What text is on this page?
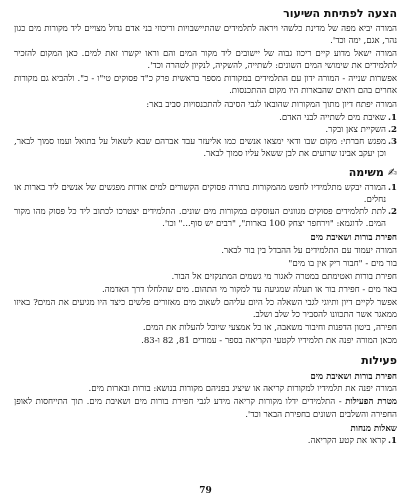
הצעה לפתיחת השיעור

המורה יביא מפה של מדינת כלשהי ויראה לתלמידים שהתיישבויות וריכוזי בני אדם גדול מצויים ליד מקורות מים כגון נהר, אגם, ימה וכד'.

המורה ישאל מדוע קיים ריכוז גבוה של יישובים ליד מקור המים והם וראו יקשרו זאת למים. כאן המקום להזכיר לתלמידים את שימושי המים השונים: לשתייה, להשקיה, לנקיון לטהרה וכד'.

אפשרות שנייה - המורה ידון עם התלמידים במקורות מספר בראשית פרק כ"ד פסוקים טי"ו - כ". ולהביא גם מקורות אחרים בהם רואים שהבארות היו מקום ההתכנסות.

המורה יפתח דיון מתוך המקורות שהובאו לגבי הסיבה להתכנסויות סביב באר:

1.
שאיבת מים לשתייה לבני האדם.
2.
השקיית צאן ובקר.
3.
מפגש חברתי: מקום שבו ודאי ימצאו אנשים כמו אליעזר עבד אברהם שבא לשאול על בתואל ועמו סמוך לבאר, וכן יעקב אבינו שרועים את לבן ששאל עליו סמוך לבאר.
✍משימה
1.
המורה יבקש מתלמידיו לחפש מהמקורות בתורה פסוקים הקשורים למים אודות מפגשים של אנשים ליד בארות או נחלים.
2.
לתת לתלמידים פסוקים מגוונים העוסקים במקורות מים שונים. התלמידים יצטרכו לכתוב ליד כל פסוק מהו מקור המים. לדוגמא: "וירחפר יצחק 100 בארות", "רבים יש סוף..." וכו'.
חפירת בורות ושאיבת מים

המורה יעמוד עם התלמידים על ההבדל בין בור לבאר.

בור מים - "חבור ריק אין בו מים"

חפירת בורות ואטימתם במטרה לאגור מי גשמים המתנקזים אל הבור.

באר מים - חפירת בור או תעלה שמגיעה עד למקור מי התהום. מים שהלחלו דרך האדמה.

אפשר לקיים דיון ותיוגי לגבי השאלה כל היום עליהם לשאוב מים מאזורים פלשים כיצד היו מגיעים את המים? באיזו ממאגר אשר התכוונו להסביר כל שלב ושלב.

חפירה, ביטון הדפנות וחיבור משאבה, או כל אמצעי שיוכל להעלות את המים.

מכאן המורה יפנה את תלמידיו לקטעי הקריאה בספר - עמודים 81, 82 ו-83.

פעילות
חפירת בורות ושאיבת מים

המורה יפנה את תלמידיו למקורות קריאה או שיציג בפניהם מקורות בנושא: בורות ובארות מים.

מטרת הפעילות - התלמידים ידלו מקורות קריאה מידע לגבי חפירת בורות מים ושאיבת מים. תוך התייחסות לאופן החפירה והשלבים השונים בחפירת הבאר וכד'.

שאלות מנחות
1.
קראו את קטע הקריאה.
79
